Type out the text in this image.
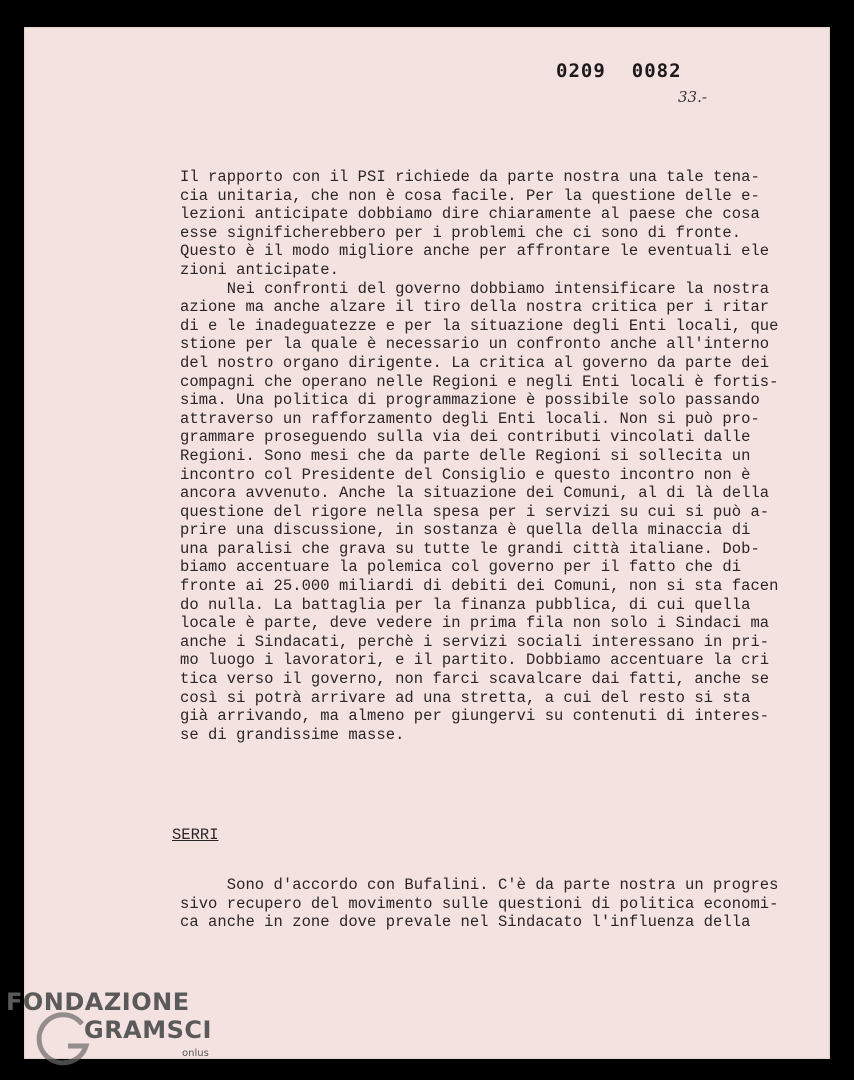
0209 0082
33.-
Il rapporto con il PSI richiede da parte nostra una tale tena-
cia unitaria, che non è cosa facile. Per la questione delle e-
lezioni anticipate dobbiamo dire chiaramente al paese che cosa
esse significherebbero per i problemi che ci sono di fronte.
Questo è il modo migliore anche per affrontare le eventuali ele
zioni anticipate.
Nei confronti del governo dobbiamo intensificare la nostra
azione ma anche alzare il tiro della nostra critica per i ritar
di e le inadeguatezze e per la situazione degli Enti locali, que
stione per la quale è necessario un confronto anche all'interno
del nostro organo dirigente. La critica al governo da parte dei
compagni che operano nelle Regioni e negli Enti locali è fortis-
sima. Una politica di programmazione è possibile solo passando
attraverso un rafforzamento degli Enti locali. Non si può pro-
grammare proseguendo sulla via dei contributi vincolati dalle
Regioni. Sono mesi che da parte delle Regioni si sollecita un
incontro col Presidente del Consiglio e questo incontro non è
ancora avvenuto. Anche la situazione dei Comuni, al di là della
questione del rigore nella spesa per i servizi su cui si può a-
prire una discussione, in sostanza è quella della minaccia di
una paralisi che grava su tutte le grandi città italiane. Dob-
biamo accentuare la polemica col governo per il fatto che di
fronte ai 25.000 miliardi di debiti dei Comuni, non si sta facen
do nulla. La battaglia per la finanza pubblica, di cui quella
locale è parte, deve vedere in prima fila non solo i Sindaci ma
anche i Sindacati, perchè i servizi sociali interessano in pri-
mo luogo i lavoratori, e il partito. Dobbiamo accentuare la cri
tica verso il governo, non farci scavalcare dai fatti, anche se
così si potrà arrivare ad una stretta, a cui del resto si sta
già arrivando, ma almeno per giungervi su contenuti di interes-
se di grandissime masse.
SERRI
Sono d'accordo con Bufalini. C'è da parte nostra un progres
sivo recupero del movimento sulle questioni di politica economi-
ca anche in zone dove prevale nel Sindacato l'influenza della
FONDAZIONE
GRAMSCI
onlus
